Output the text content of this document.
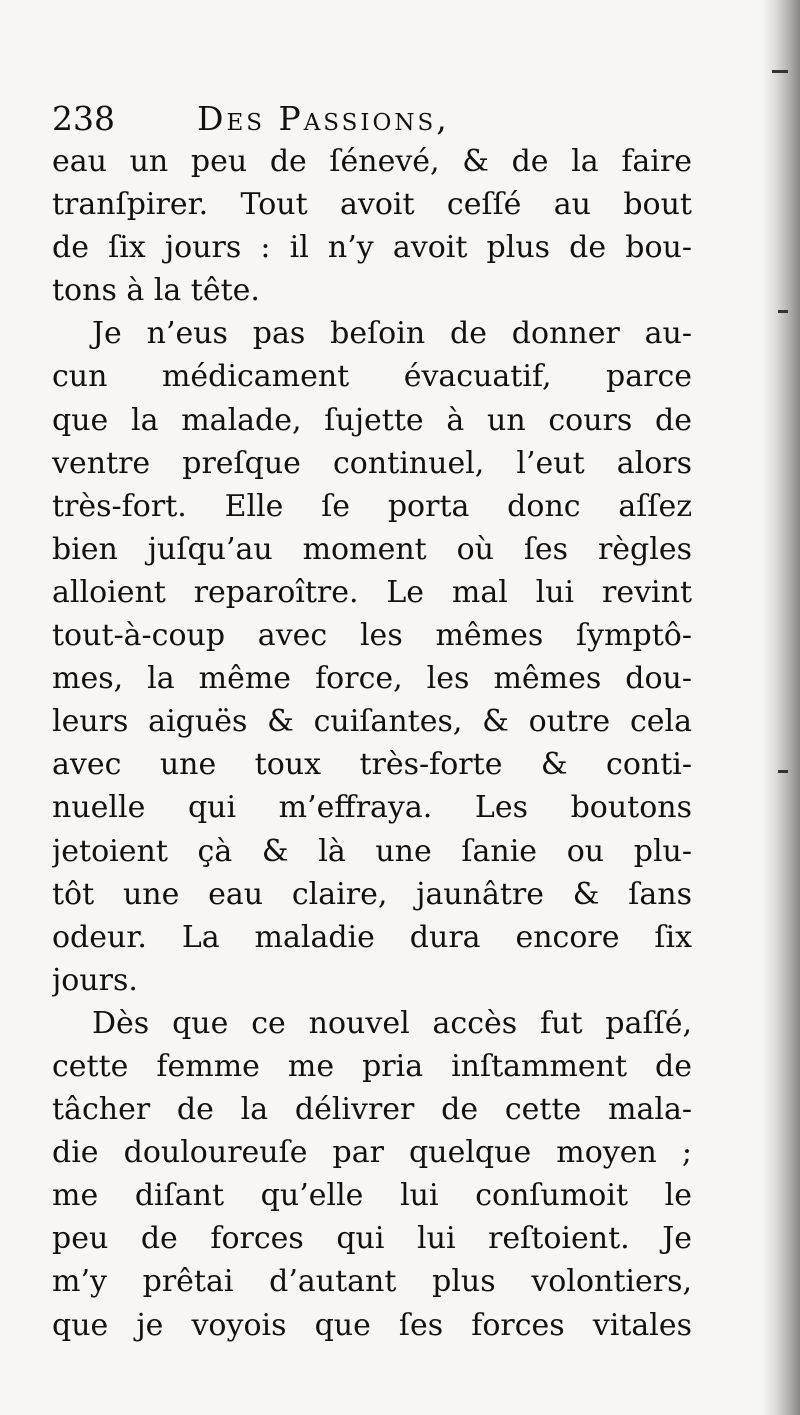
238 Des Passions,
eau un peu de ſénevé, & de la faire
tranſpirer. Tout avoit ceſſé au bout
de ſix jours : il n’y avoit plus de bou-
tons à la tête.
Je n’eus pas beſoin de donner au-
cun médicament évacuatif, parce
que la malade, ſujette à un cours de
ventre preſque continuel, l’eut alors
très-fort. Elle ſe porta donc aſſez
bien juſqu’au moment où ſes règles
alloient reparoître. Le mal lui revint
tout-à-coup avec les mêmes ſymptô-
mes, la même force, les mêmes dou-
leurs aiguës & cuiſantes, & outre cela
avec une toux très-forte & conti-
nuelle qui m’effraya. Les boutons
jetoient çà & là une ſanie ou plu-
tôt une eau claire, jaunâtre & ſans
odeur. La maladie dura encore ſix
jours.
Dès que ce nouvel accès fut paſſé,
cette femme me pria inſtamment de
tâcher de la délivrer de cette mala-
die douloureuſe par quelque moyen ;
me diſant qu’elle lui conſumoit le
peu de forces qui lui reſtoient. Je
m’y prêtai d’autant plus volontiers,
que je voyois que ſes forces vitales
